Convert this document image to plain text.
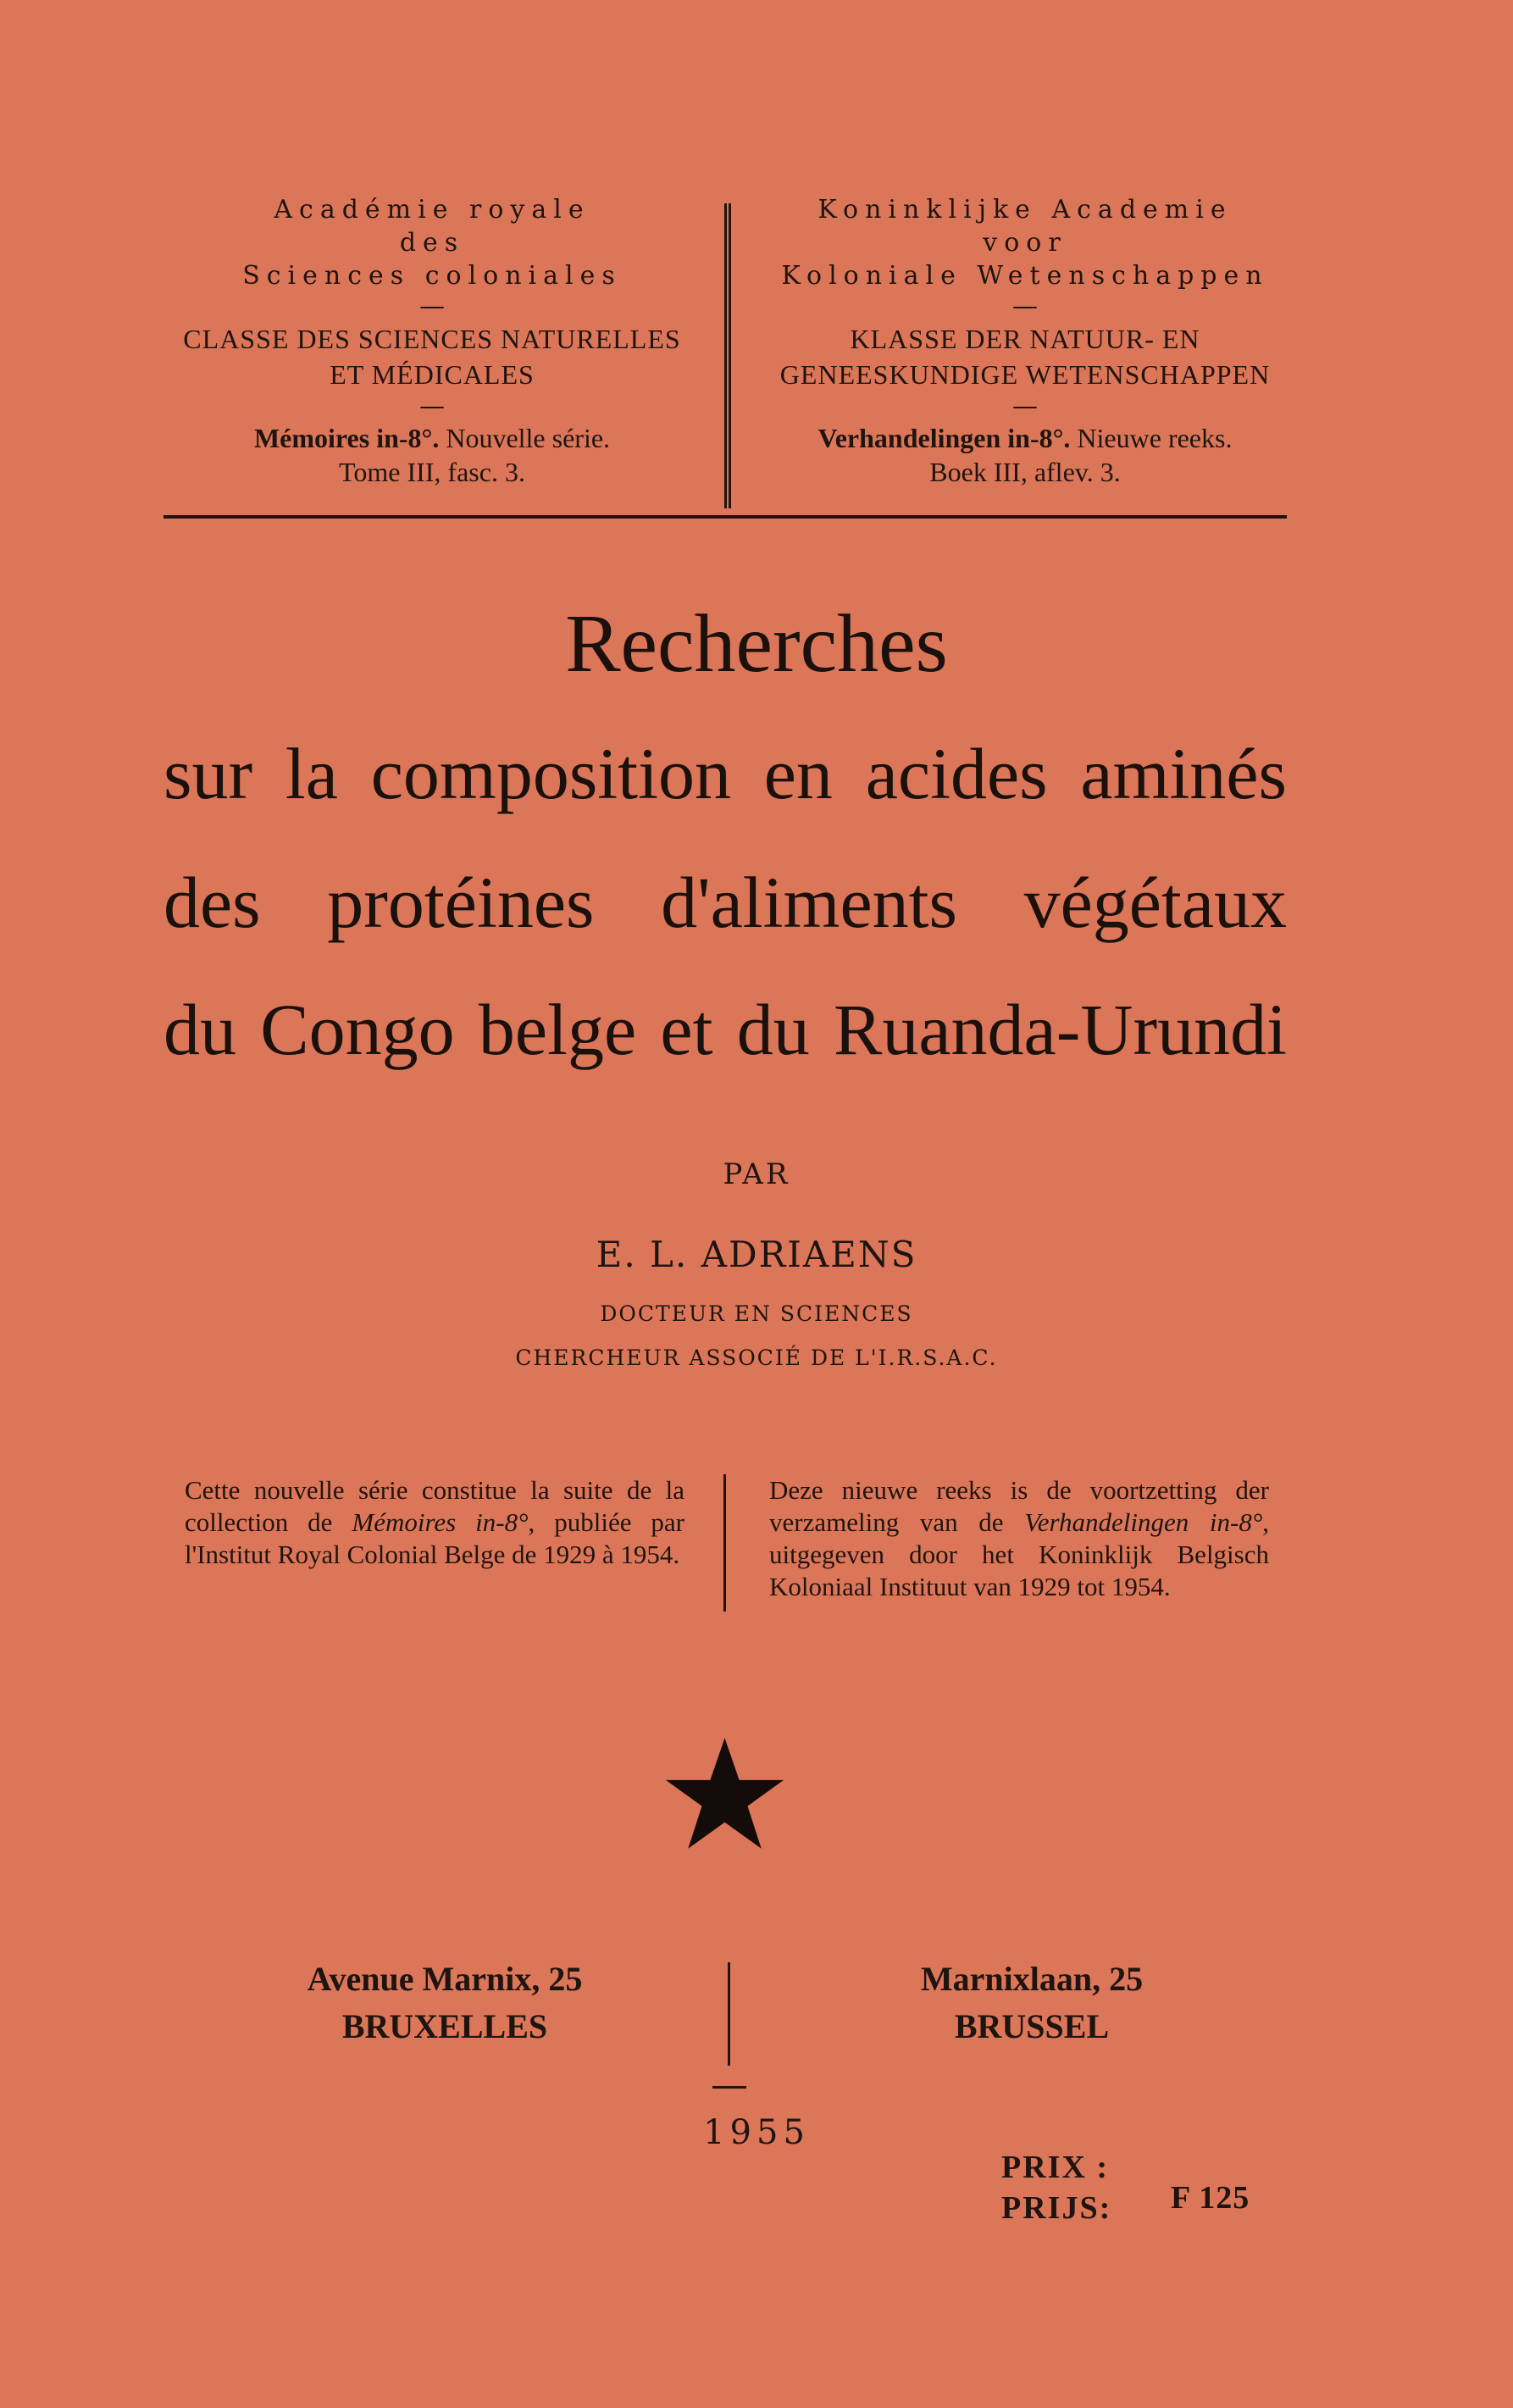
Académie royale
des
Sciences coloniales
—
CLASSE DES SCIENCES NATURELLES
ET MÉDICALES
—
Mémoires in-8°. Nouvelle série.
Tome III, fasc. 3.
Koninklijke Academie
voor
Koloniale Wetenschappen
—
KLASSE DER NATUUR- EN
GENEESKUNDIGE WETENSCHAPPEN
—
Verhandelingen in-8°. Nieuwe reeks.
Boek III, aflev. 3.
Recherches
sur la composition en acides aminés
des protéines d'aliments végétaux
du Congo belge et du Ruanda-Urundi
PAR
E. L. ADRIAENS
DOCTEUR EN SCIENCES
CHERCHEUR ASSOCIÉ DE L'I.R.S.A.C.
Cette nouvelle série constitue la suite de la collection de Mémoires in-8°, publiée par l'Institut Royal Colonial Belge de 1929 à 1954.
Deze nieuwe reeks is de voortzetting der verzameling van de Verhandelingen in-8°, uitgegeven door het Koninklijk Belgisch Koloniaal Instituut van 1929 tot 1954.
Avenue Marnix, 25
BRUXELLES
Marnixlaan, 25
BRUSSEL
1955
PRIX :
PRIJS: F 125
